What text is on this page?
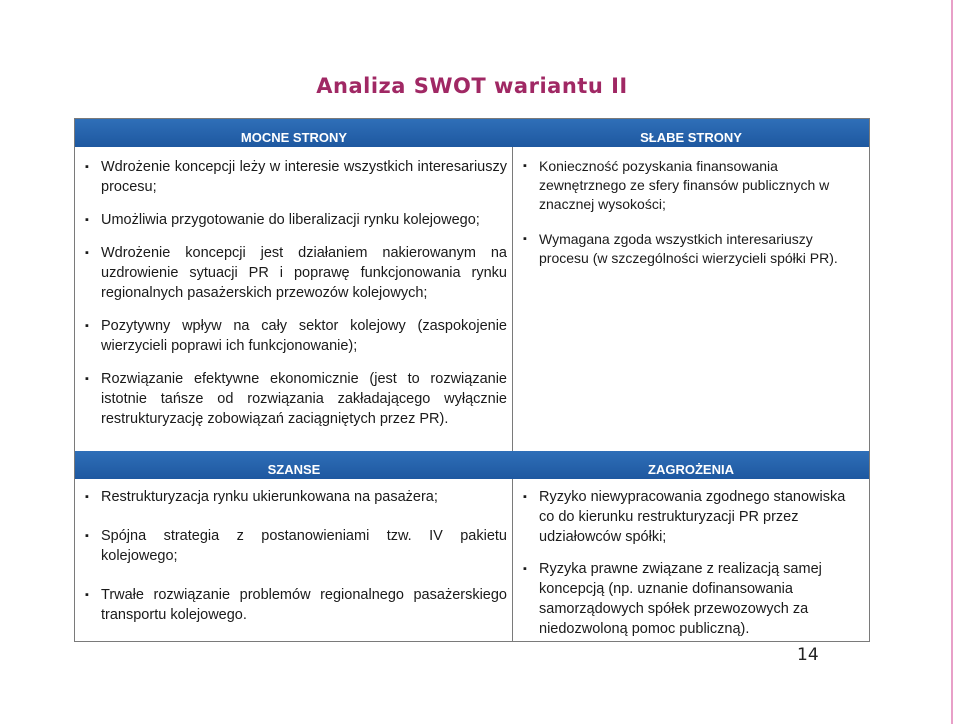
Analiza SWOT wariantu II
MOCNE STRONY	SŁABE STRONY
▪ Wdrożenie koncepcji leży w interesie wszystkich interesariuszy procesu;
▪ Umożliwia przygotowanie do liberalizacji rynku kolejowego;
▪ Wdrożenie koncepcji jest działaniem nakierowanym na uzdrowienie sytuacji PR i poprawę funkcjonowania rynku regionalnych pasażerskich przewozów kolejowych;
▪ Pozytywny wpływ na cały sektor kolejowy (zaspokojenie wierzycieli poprawi ich funkcjonowanie);
▪ Rozwiązanie efektywne ekonomicznie (jest to rozwiązanie istotnie tańsze od rozwiązania zakładającego wyłącznie restrukturyzację zobowiązań zaciągniętych przez PR).
▪ Konieczność pozyskania finansowania zewnętrznego ze sfery finansów publicznych w znacznej wysokości;
▪ Wymagana zgoda wszystkich interesariuszy procesu (w szczególności wierzycieli spółki PR).
SZANSE	ZAGROŻENIA
▪ Restrukturyzacja rynku ukierunkowana na pasażera;
▪ Spójna strategia z postanowieniami tzw. IV pakietu kolejowego;
▪ Trwałe rozwiązanie problemów regionalnego pasażerskiego transportu kolejowego.
▪ Ryzyko niewypracowania zgodnego stanowiska co do kierunku restrukturyzacji PR przez udziałowców spółki;
▪ Ryzyka prawne związane z realizacją samej koncepcją (np. uznanie dofinansowania samorządowych spółek przewozowych za niedozwoloną pomoc publiczną).
14
